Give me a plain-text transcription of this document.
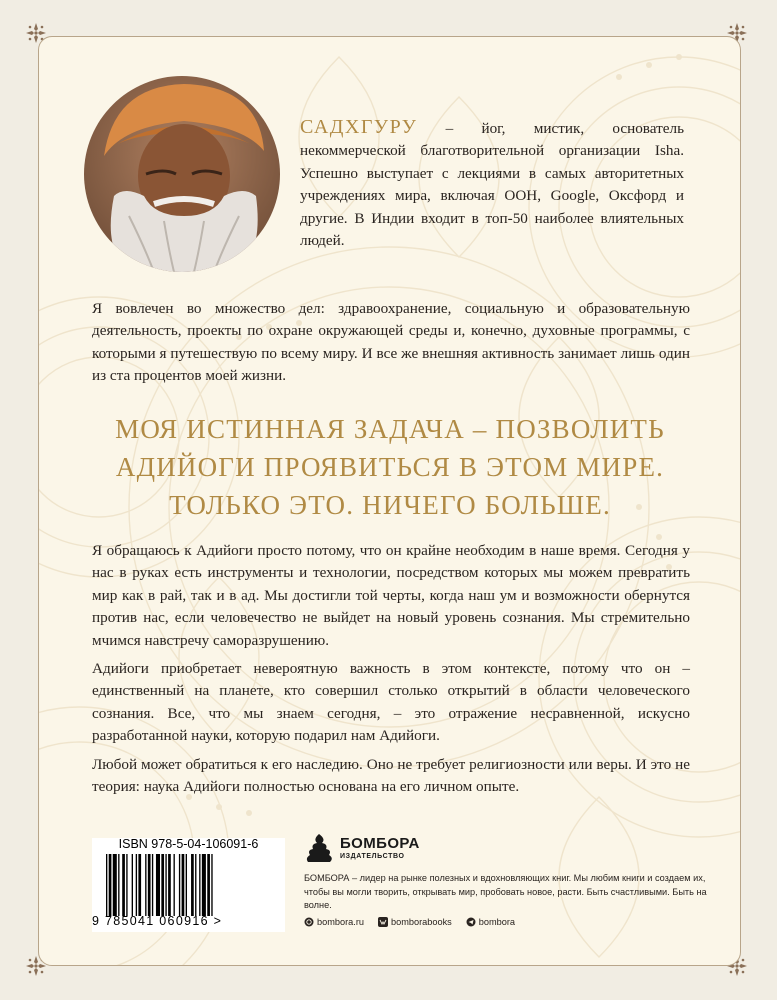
САДХГУРУ – йог, мистик, основатель некоммерческой благотворительной организации Isha. Успешно выступает с лекциями в самых авторитетных учреждениях мира, включая ООН, Google, Оксфорд и другие. В Индии входит в топ-50 наиболее влиятельных людей.
Я вовлечен во множество дел: здравоохранение, социальную и образовательную деятельность, проекты по охране окружающей среды и, конечно, духовные программы, с которыми я путешествую по всему миру. И все же внешняя активность занимает лишь один из ста процентов моей жизни.
МОЯ ИСТИННАЯ ЗАДАЧА – ПОЗВОЛИТЬ
АДИЙОГИ ПРОЯВИТЬСЯ В ЭТОМ МИРЕ.
ТОЛЬКО ЭТО. НИЧЕГО БОЛЬШЕ.
Я обращаюсь к Адийоги просто потому, что он крайне необходим в наше время. Сегодня у нас в руках есть инструменты и технологии, посредством которых мы можем превратить мир как в рай, так и в ад. Мы достигли той черты, когда наш ум и возможности обернутся против нас, если человечество не выйдет на новый уровень сознания. Мы стремительно мчимся навстречу саморазрушению.
Адийоги приобретает невероятную важность в этом контексте, потому что он – единственный на планете, кто совершил столько открытий в области человеческого сознания. Все, что мы знаем сегодня, – это отражение несравненной, искусно разработанной науки, которую подарил нам Адийоги.
Любой может обратиться к его наследию. Оно не требует религиозности или веры. И это не теория: наука Адийоги полностью основана на его личном опыте.
ISBN 978-5-04-106091-6
9 785041 060916 >
БОМБОРА
ИЗДАТЕЛЬСТВО
БОМБОРА – лидер на рынке полезных и вдохновляющих книг. Мы любим книги и создаем их, чтобы вы могли творить, открывать мир, пробовать новое, расти. Быть счастливыми. Быть на волне.
bombora.ru	bomborabooks	bombora
